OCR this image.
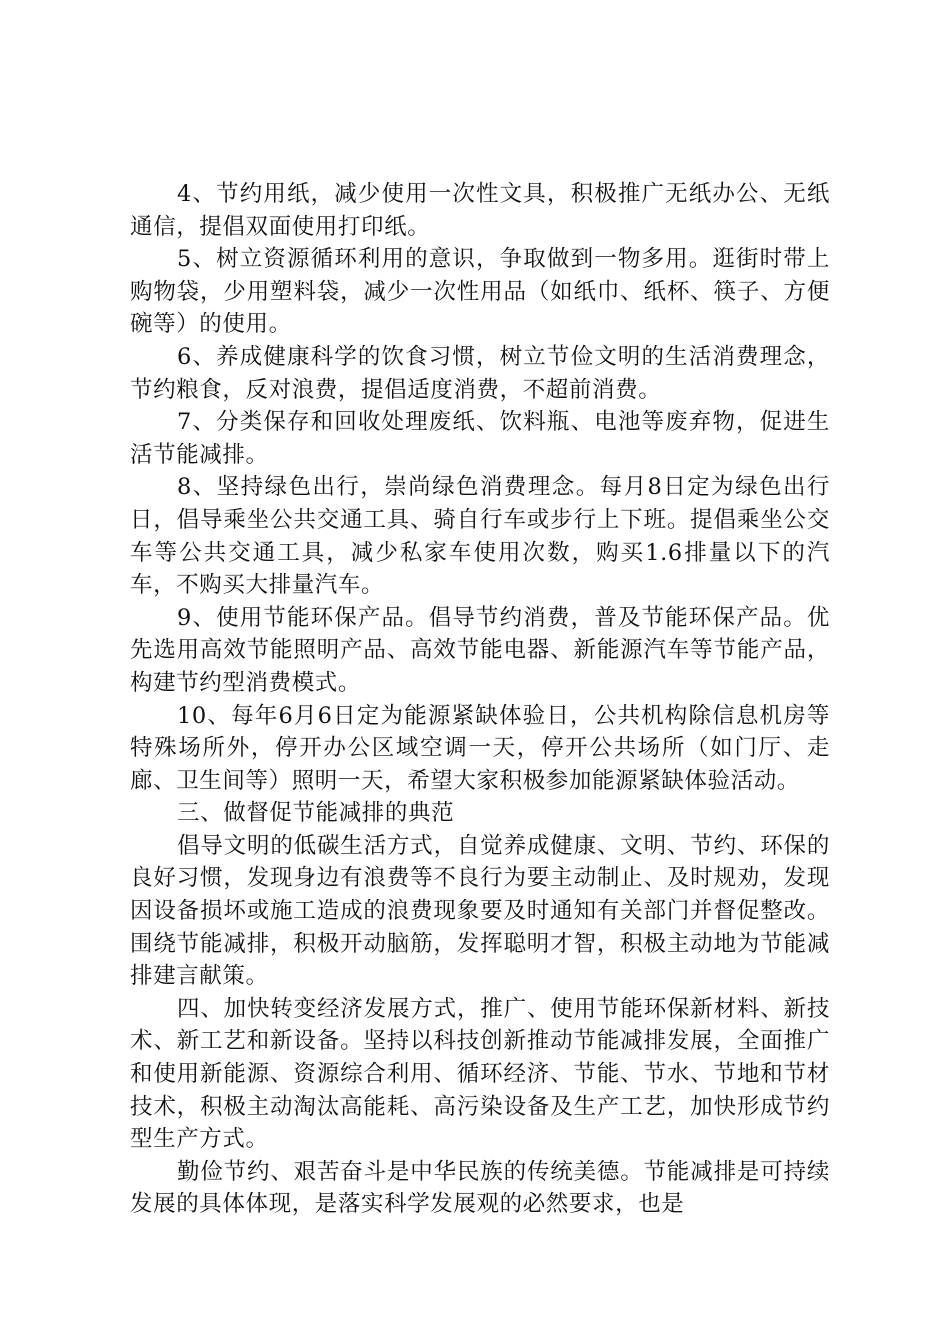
4、节约用纸，减少使用一次性文具，积极推广无纸办公、无纸通信，提倡双面使用打印纸。

5、树立资源循环利用的意识，争取做到一物多用。逛街时带上购物袋，少用塑料袋，减少一次性用品（如纸巾、纸杯、筷子、方便碗等）的使用。

6、养成健康科学的饮食习惯，树立节俭文明的生活消费理念，节约粮食，反对浪费，提倡适度消费，不超前消费。

7、分类保存和回收处理废纸、饮料瓶、电池等废弃物，促进生活节能减排。

8、坚持绿色出行，崇尚绿色消费理念。每月8日定为绿色出行日，倡导乘坐公共交通工具、骑自行车或步行上下班。提倡乘坐公交车等公共交通工具，减少私家车使用次数，购买1.6排量以下的汽车，不购买大排量汽车。

9、使用节能环保产品。倡导节约消费，普及节能环保产品。优先选用高效节能照明产品、高效节能电器、新能源汽车等节能产品，构建节约型消费模式。

10、每年6月6日定为能源紧缺体验日，公共机构除信息机房等特殊场所外，停开办公区域空调一天，停开公共场所（如门厅、走廊、卫生间等）照明一天，希望大家积极参加能源紧缺体验活动。

三、做督促节能减排的典范

倡导文明的低碳生活方式，自觉养成健康、文明、节约、环保的良好习惯，发现身边有浪费等不良行为要主动制止、及时规劝，发现因设备损坏或施工造成的浪费现象要及时通知有关部门并督促整改。围绕节能减排，积极开动脑筋，发挥聪明才智，积极主动地为节能减排建言献策。

四、加快转变经济发展方式，推广、使用节能环保新材料、新技术、新工艺和新设备。坚持以科技创新推动节能减排发展，全面推广和使用新能源、资源综合利用、循环经济、节能、节水、节地和节材技术，积极主动淘汰高能耗、高污染设备及生产工艺，加快形成节约型生产方式。

勤俭节约、艰苦奋斗是中华民族的传统美德。节能减排是可持续发展的具体体现，是落实科学发展观的必然要求，也是
